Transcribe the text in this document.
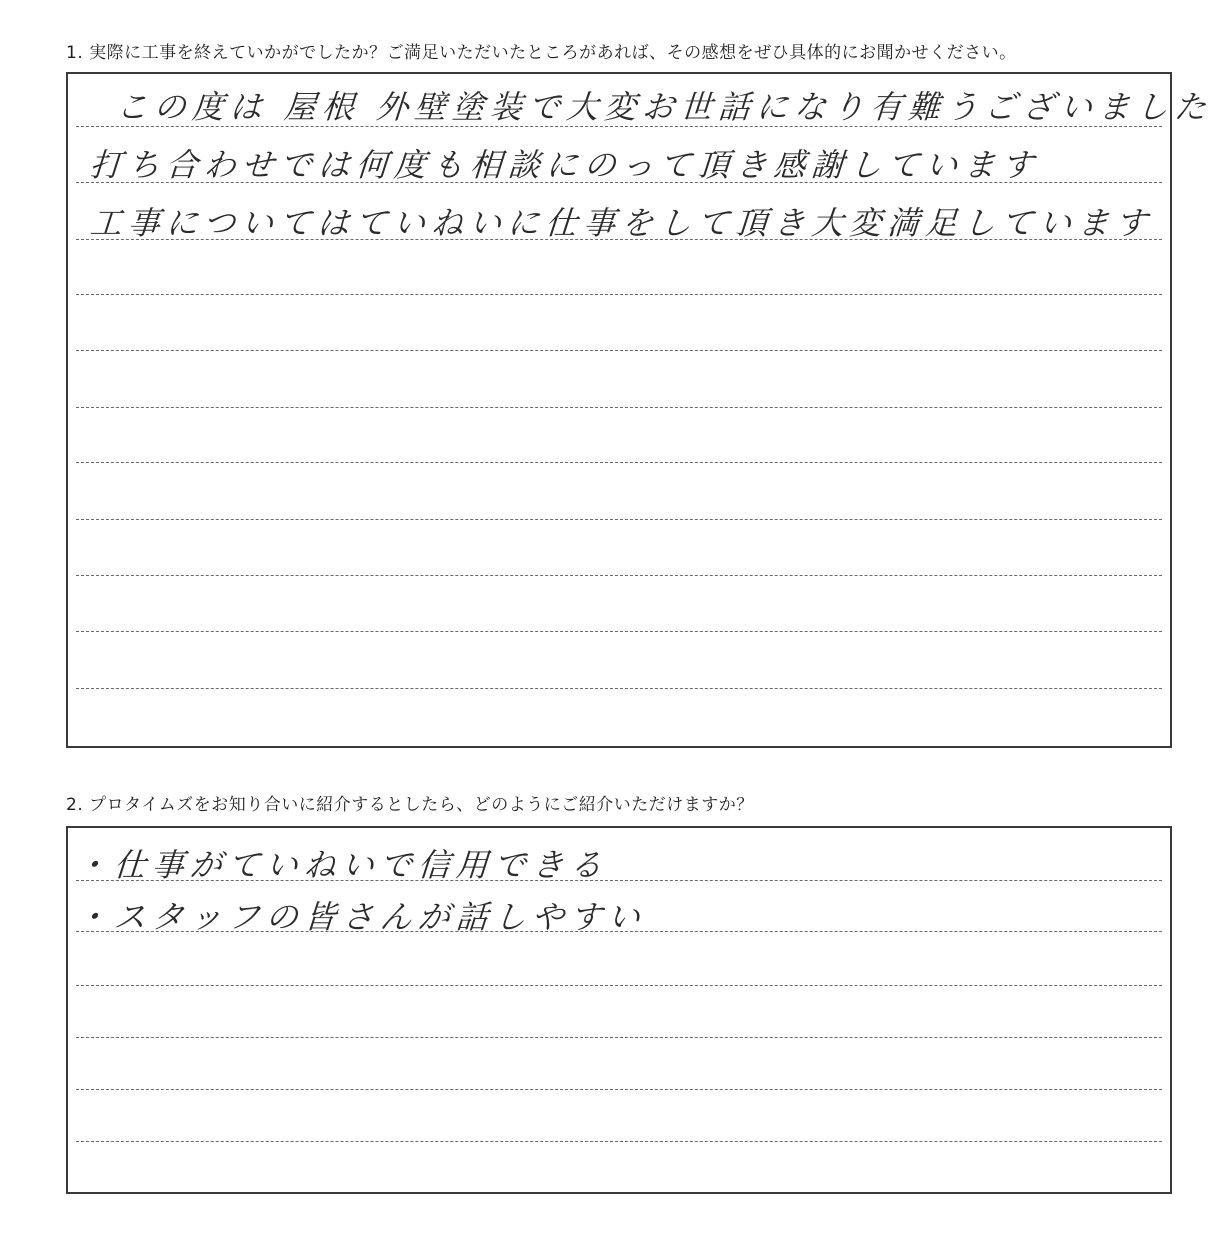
1. 実際に工事を終えていかがでしたか？ご満足いただいたところがあれば、その感想をぜひ具体的にお聞かせください。
この度は 屋根 外壁塗装で大変お世話になり有難うございました
打ち合わせでは何度も相談にのって頂き感謝しています
工事についてはていねいに仕事をして頂き大変満足しています
2. プロタイムズをお知り合いに紹介するとしたら、どのようにご紹介いただけますか？
・仕事がていねいで信用できる
・スタッフの皆さんが話しやすい
